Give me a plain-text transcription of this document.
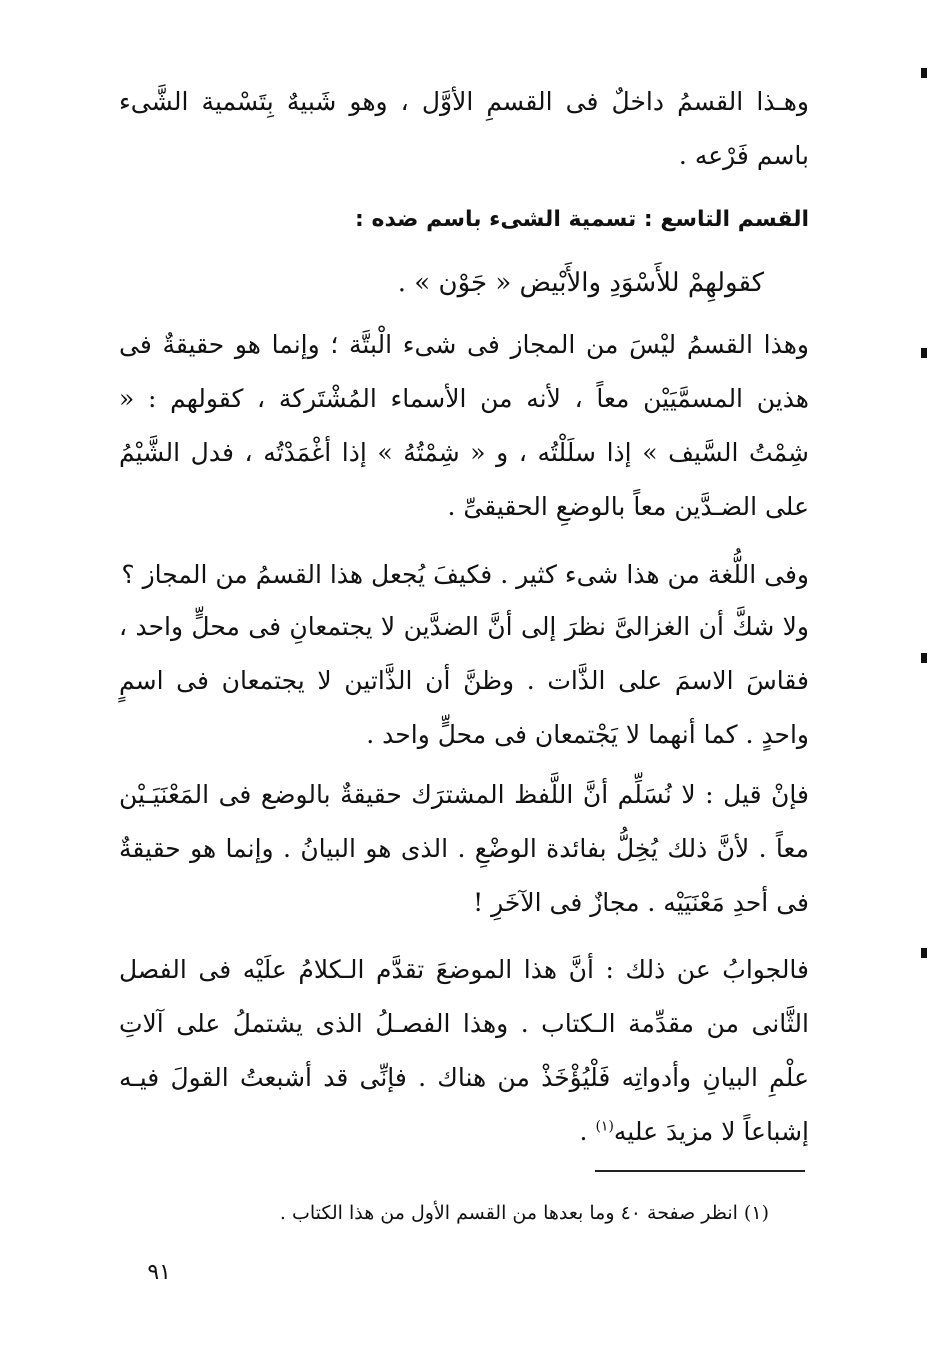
وهـذا القسمُ داخلٌ فى القسمِ الأوَّل ، وهو شَبيهٌ بِتَسْمية الشَّىء باسم فَرْعه .

القسم التاسع : تسمية الشىء باسم ضده :
كقولهِمْ للأَسْوَدِ والأَبْيض « جَوْن » .

وهذا القسمُ ليْسَ من المجاز فى شىء الْبتَّة ؛ وإنما هو حقيقةٌ فى هذين المسمَّيَيْن معاً ، لأنه من الأسماء المُشْتَركة ، كقولهم : « شِمْتُ السَّيف » إذا سلَلْتُه ، و « شِمْتُهُ » إذا أغْمَدْتُه ، فدل الشَّيْمُ على الضـدَّين معاً بالوضعِ الحقيقىِّ .

وفى اللُّغة من هذا شىء كثير . فكيفَ يُجعل هذا القسمُ من المجاز ؟

ولا شكَّ أن الغزالىَّ نظرَ إلى أنَّ الضدَّين لا يجتمعانِ فى محلٍّ واحد ، فقاسَ الاسمَ على الذَّات . وظنَّ أن الذَّاتين لا يجتمعان فى اسمٍ واحدٍ . كما أنهما لا يَجْتمعان فى محلٍّ واحد .

فإنْ قيل : لا نُسَلِّم أنَّ اللَّفظ المشترَك حقيقةٌ بالوضع فى المَعْنَيَـيْن معاً . لأنَّ ذلك يُخِلُّ بفائدة الوضْعِ . الذى هو البيانُ . وإنما هو حقيقةٌ فى أحدِ مَعْنَيَيْه . مجازٌ فى الآخَرِ !

فالجوابُ عن ذلك : أنَّ هذا الموضعَ تقدَّم الـكلامُ علَيْه فى الفصل الثَّانى من مقدِّمة الـكتاب . وهذا الفصـلُ الذى يشتملُ على آلاتِ علْمِ البيانِ وأدواتِه فَلْيُؤْخَذْ من هناك . فإنِّى قد أشبعتُ القولَ فيـه إشباعاً لا مزيدَ عليه$^{(١)}$ .

(١) انظر صفحة ٤٠ وما بعدها من القسم الأول من هذا الكتاب .
٩١
